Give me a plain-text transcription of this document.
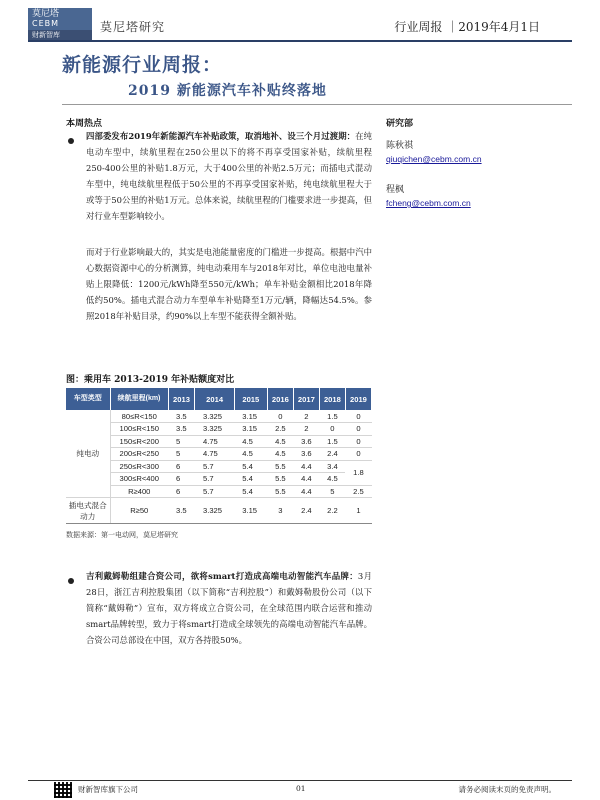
莫尼塔
CEBM
财新智库
莫尼塔研究	行业周报 ｜2019年4月1日
新能源行业周报：
2019 新能源汽车补贴终落地
本周热点
四部委发布2019年新能源汽车补贴政策，取消地补、设三个月过渡期：在纯电动车型中，续航里程在250公里以下的将不再享受国家补贴，续航里程250-400公里的补贴1.8万元，大于400公里的补贴2.5万元；而插电式混动车型中，纯电续航里程低于50公里的不再享受国家补贴，纯电续航里程大于或等于50公里的补贴1万元。总体来说，续航里程的门槛要求进一步提高，但对行业车型影响较小。
而对于行业影响最大的，其实是电池能量密度的门槛进一步提高。根据中汽中心数据资源中心的分析测算，纯电动乘用车与2018年对比，单位电池电量补贴上限降低：1200元/kWh降至550元/kWh；单车补贴金额相比2018年降低约50%。插电式混合动力车型单车补贴降至1万元/辆，降幅达54.5%。参照2018年补贴目录，约90%以上车型不能获得全额补贴。
研究部
陈秋祺
qiuqichen@cebm.com.cn
程枫
fcheng@cebm.com.cn
图：乘用车 2013-2019 年补贴额度对比
车型类型	续航里程(km)	2013	2014	2015	2016	2017	2018	2019
纯电动	80≤R<150	3.5	3.325	3.15	0	2	1.5	0
	100≤R<150	3.5	3.325	3.15	2.5	2	0	0
	150≤R<200	5	4.75	4.5	4.5	3.6	1.5	0
	200≤R<250	5	4.75	4.5	4.5	3.6	2.4	0
	250≤R<300	6	5.7	5.4	5.5	4.4	3.4	1.8
	300≤R<400	6	5.7	5.4	5.5	4.4	4.5	
	R≥400	6	5.7	5.4	5.5	4.4	5	2.5
插电式混合动力	R≥50	3.5	3.325	3.15	3	2.4	2.2	1
数据来源：第一电动网，莫尼塔研究
吉利戴姆勒组建合资公司，欲将smart打造成高端电动智能汽车品牌：3月28日，浙江吉利控股集团（以下简称“吉利控股”）和戴姆勒股份公司（以下简称“戴姆勒”）宣布，双方将成立合资公司，在全球范围内联合运营和推动smart品牌转型，致力于将smart打造成全球领先的高端电动智能汽车品牌。合资公司总部设在中国，双方各持股50%。
财新智库旗下公司	01	请务必阅读末页的免责声明。
